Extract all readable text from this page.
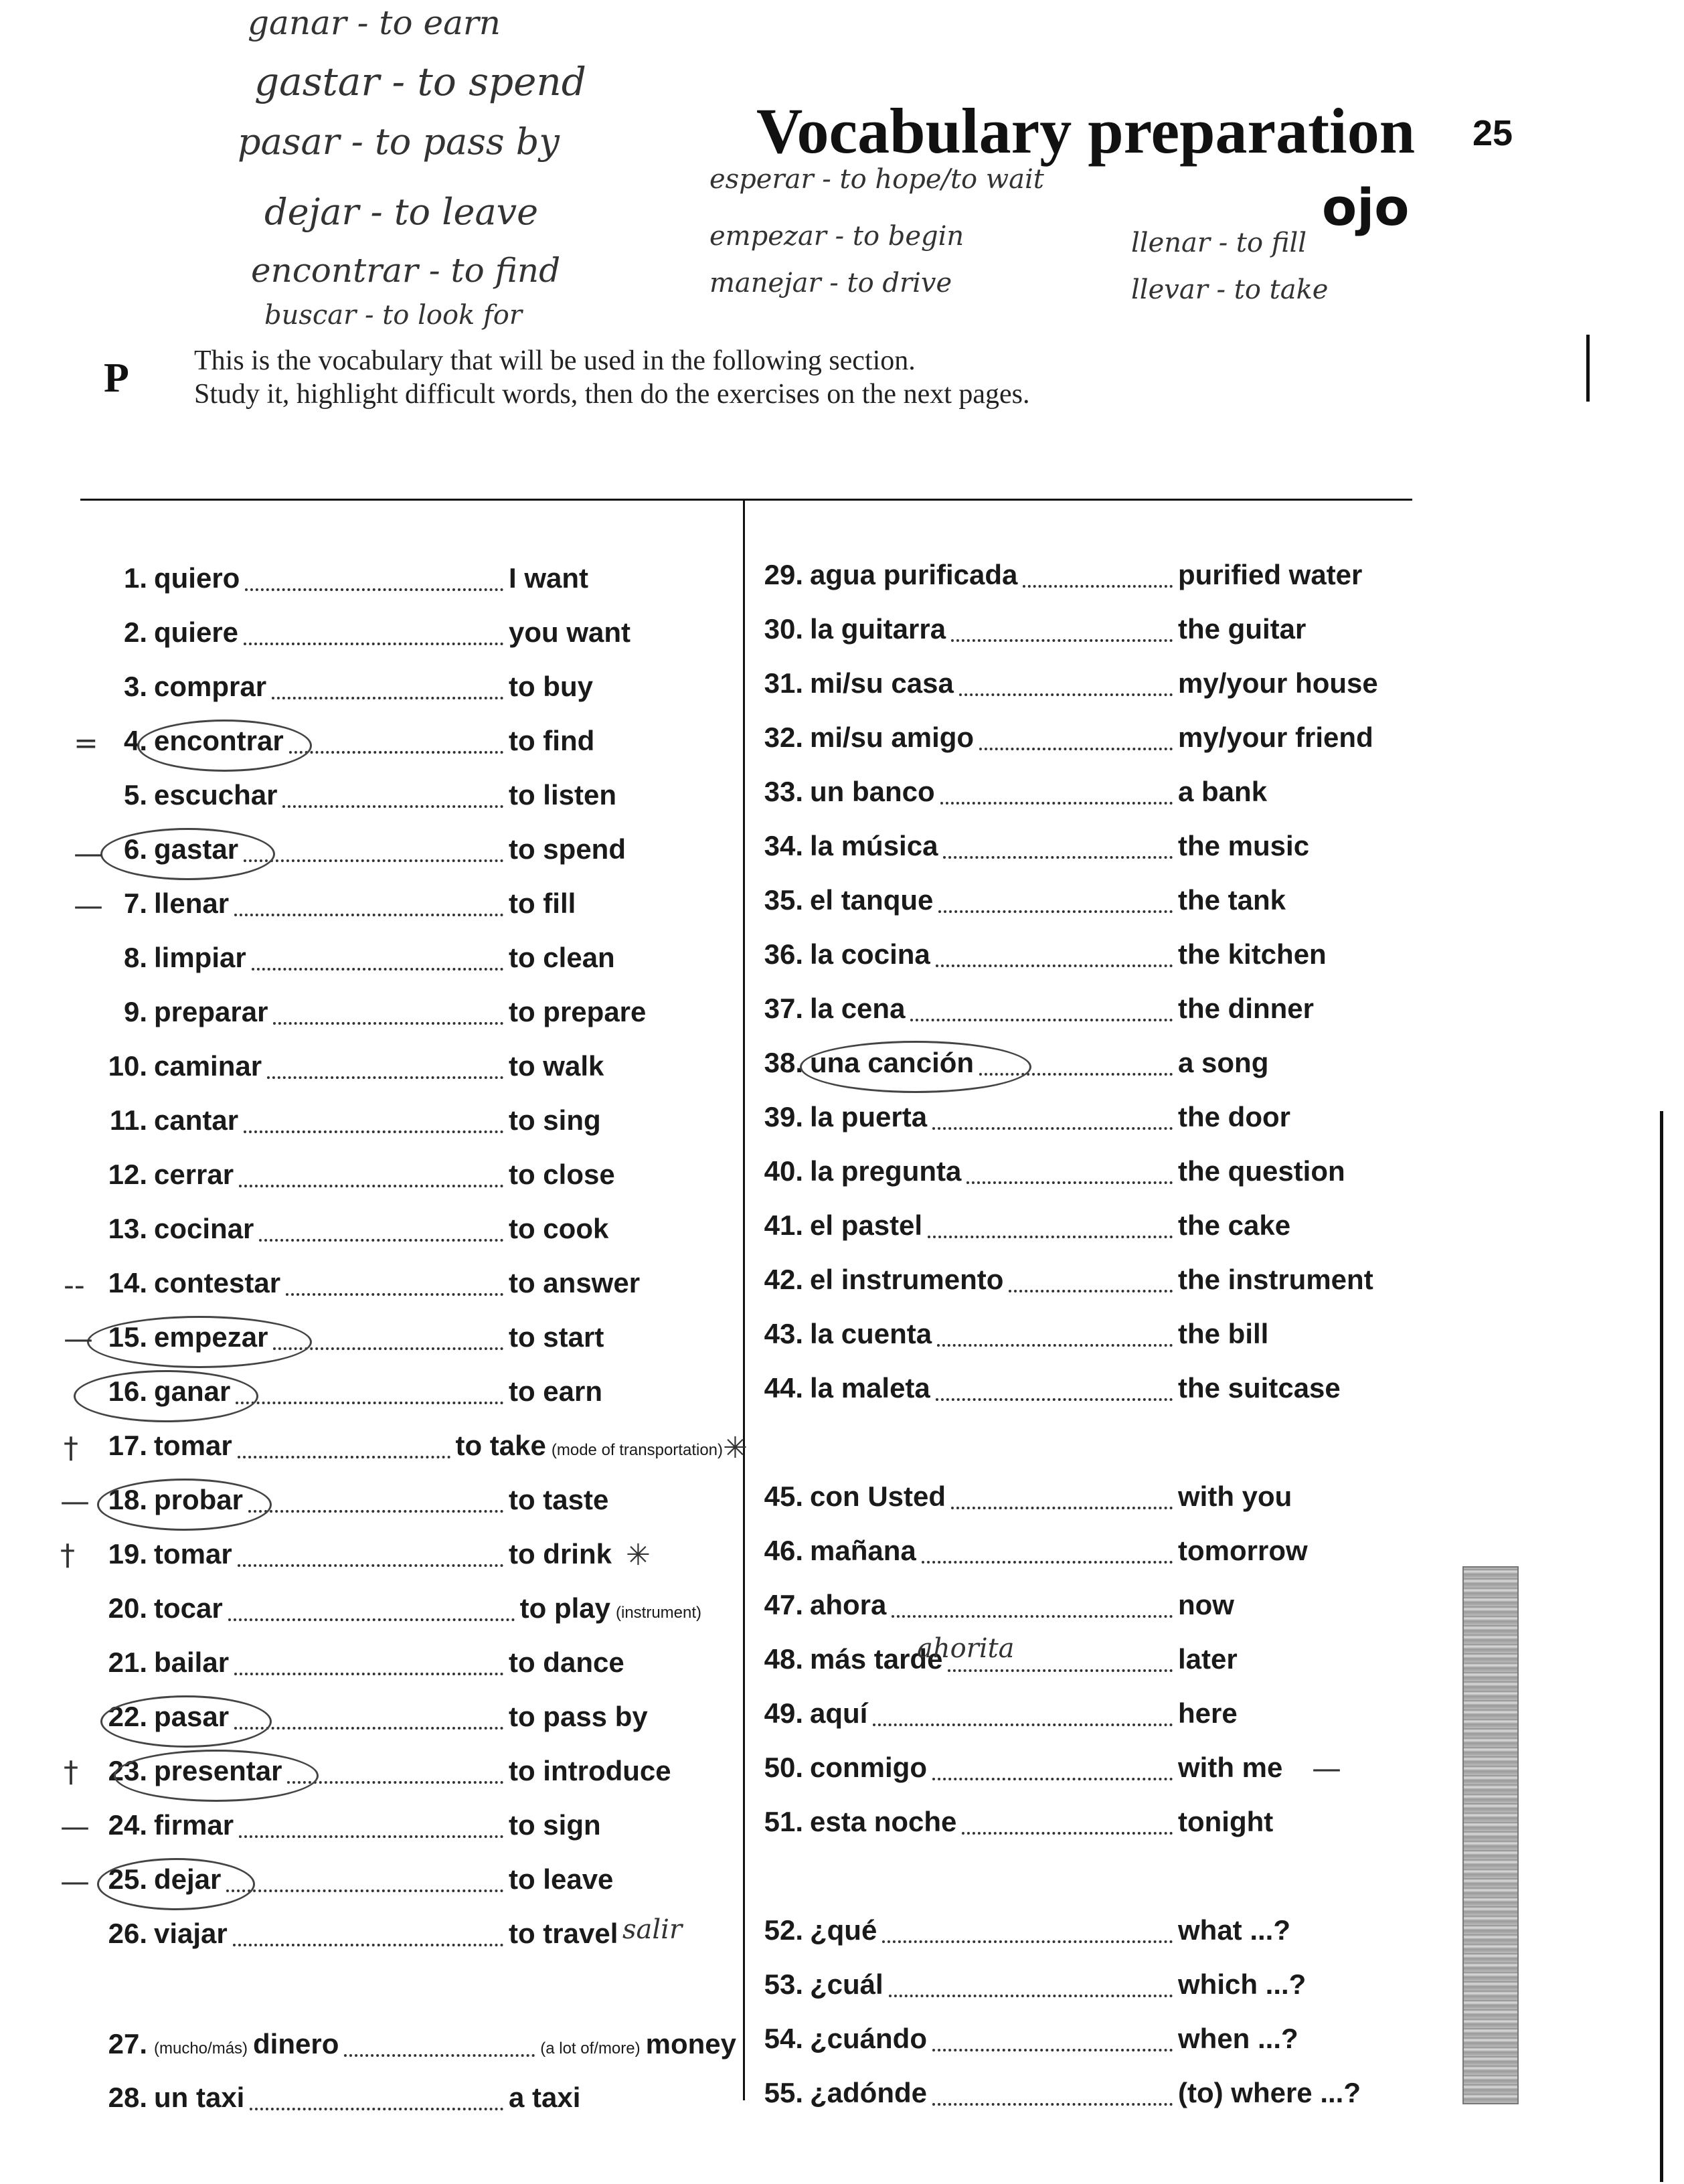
ganar - to earn
gastar - to spend
pasar - to pass by
dejar - to leave
encontrar - to find
buscar - to look for
esperar - to hope/to wait
empezar - to begin
manejar - to drive
llenar - to fill
llevar - to take
Vocabulary preparation 25
ojo
P This is the vocabulary that will be used in the following section.
Study it, highlight difficult words, then do the exercises on the next pages.
1. quiero	I want
2. quiere	you want
3. comprar	to buy
4. encontrar	to find
5. escuchar	to listen
6. gastar	to spend
7. llenar	to fill
8. limpiar	to clean
9. preparar	to prepare
10. caminar	to walk
11. cantar	to sing
12. cerrar	to close
13. cocinar	to cook
14. contestar	to answer
15. empezar	to start
16. ganar	to earn
17. tomar	to take (mode of transportation)
18. probar	to taste
19. tomar	to drink
20. tocar	to play (instrument)
21. bailar	to dance
22. pasar	to pass by
23. presentar	to introduce
24. firmar	to sign
25. dejar	to leave
26. viajar	to travel
27. (mucho/más) dinero	(a lot of/more) money
28. un taxi	a taxi
29. agua purificada	purified water
30. la guitarra	the guitar
31. mi/su casa	my/your house
32. mi/su amigo	my/your friend
33. un banco	a bank
34. la música	the music
35. el tanque	the tank
36. la cocina	the kitchen
37. la cena	the dinner
38. una canción	a song
39. la puerta	the door
40. la pregunta	the question
41. el pastel	the cake
42. el instrumento	the instrument
43. la cuenta	the bill
44. la maleta	the suitcase
45. con Usted	with you
46. mañana	tomorrow
47. ahora	now
48. más tarde	later
49. aquí	here
50. conmigo	with me
51. esta noche	tonight
52. ¿qué	what ...?
53. ¿cuál	which ...?
54. ¿cuándo	when ...?
55. ¿adónde	(to) where ...?
=
—
—
--
—
†
—
†
†
—
—
✳
✳
—
salir
ahorita
